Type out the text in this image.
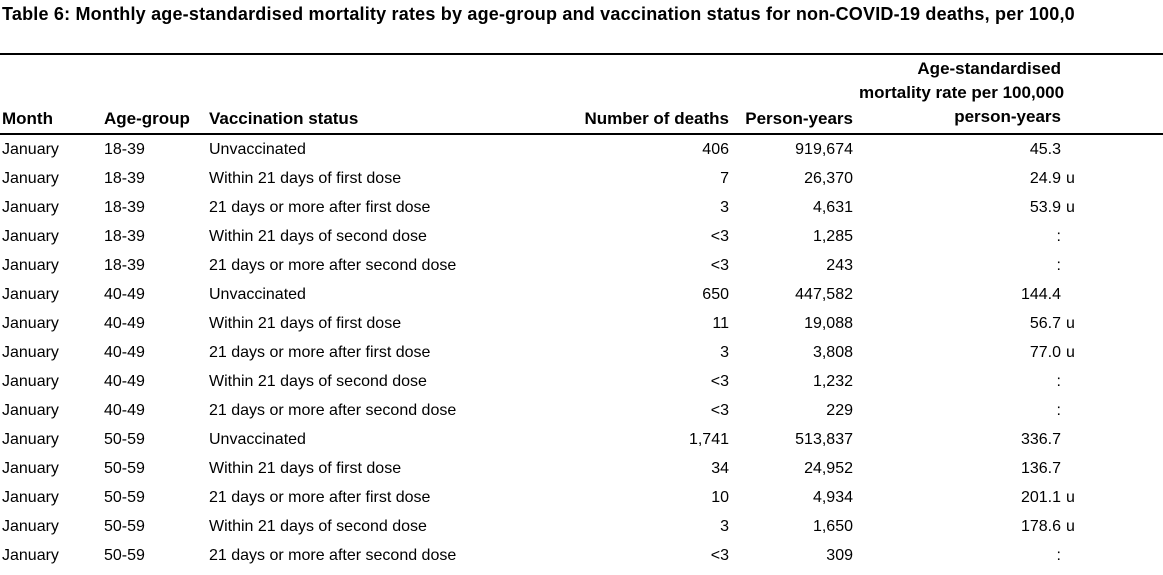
Table 6: Monthly age-standardised mortality rates by age-group and vaccination status for non-COVID-19 deaths, per 100,0
Month	Age-group	Vaccination status	Number of deaths	Person-years	Age-standardised
mortality rate per 100,000
person-years

January	18-39	Unvaccinated	406	919,674	45.3
January	18-39	Within 21 days of first dose	7	26,370	24.9 u
January	18-39	21 days or more after first dose	3	4,631	53.9 u
January	18-39	Within 21 days of second dose	<3	1,285	:
January	18-39	21 days or more after second dose	<3	243	:
January	40-49	Unvaccinated	650	447,582	144.4
January	40-49	Within 21 days of first dose	11	19,088	56.7 u
January	40-49	21 days or more after first dose	3	3,808	77.0 u
January	40-49	Within 21 days of second dose	<3	1,232	:
January	40-49	21 days or more after second dose	<3	229	:
January	50-59	Unvaccinated	1,741	513,837	336.7
January	50-59	Within 21 days of first dose	34	24,952	136.7
January	50-59	21 days or more after first dose	10	4,934	201.1 u
January	50-59	Within 21 days of second dose	3	1,650	178.6 u
January	50-59	21 days or more after second dose	<3	309	:
